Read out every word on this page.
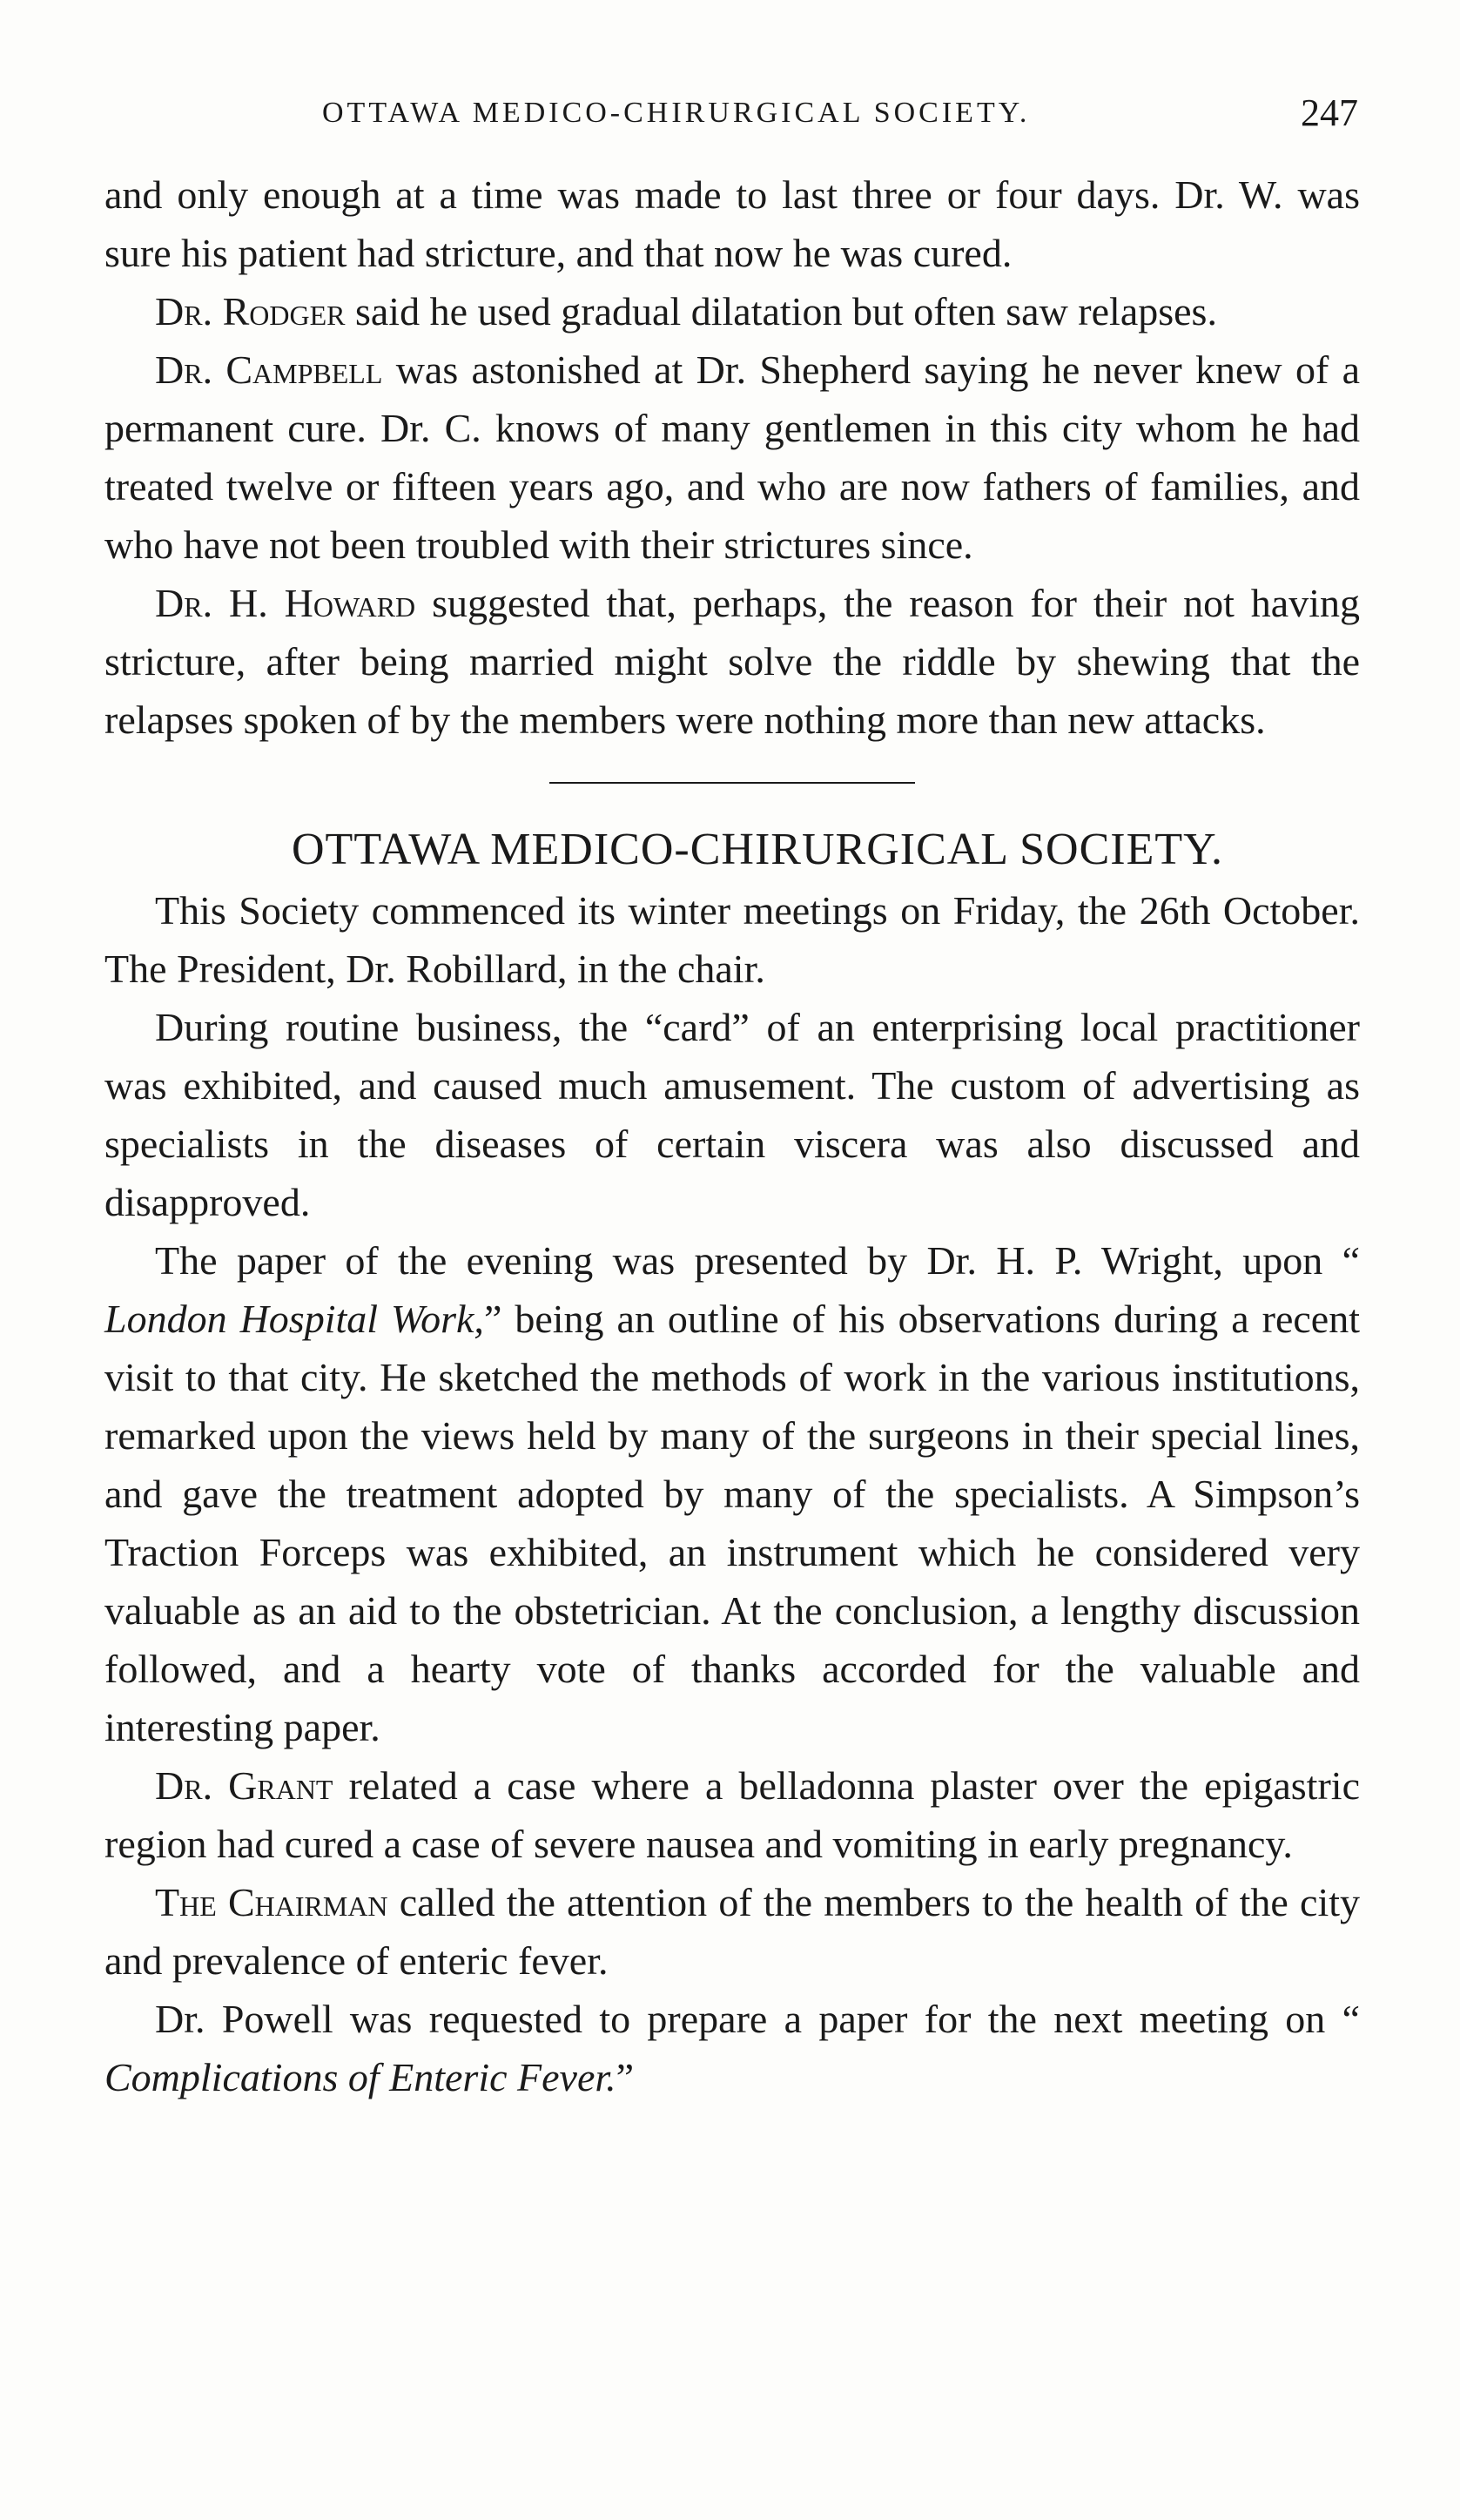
OTTAWA MEDICO-CHIRURGICAL SOCIETY.	247

and only enough at a time was made to last three or four days. Dr. W. was sure his patient had stricture, and that now he was cured.

Dr. Rodger said he used gradual dilatation but often saw relapses.

Dr. Campbell was astonished at Dr. Shepherd saying he never knew of a permanent cure. Dr. C. knows of many gentlemen in this city whom he had treated twelve or fifteen years ago, and who are now fathers of families, and who have not been troubled with their strictures since.

Dr. H. Howard suggested that, perhaps, the reason for their not having stricture, after being married might solve the riddle by shewing that the relapses spoken of by the members were nothing more than new attacks.

OTTAWA MEDICO-CHIRURGICAL SOCIETY.

This Society commenced its winter meetings on Friday, the 26th October. The President, Dr. Robillard, in the chair.

During routine business, the “card” of an enterprising local practitioner was exhibited, and caused much amusement. The custom of advertising as specialists in the diseases of certain viscera was also discussed and disapproved.

The paper of the evening was presented by Dr. H. P. Wright, upon “ London Hospital Work,” being an outline of his observations during a recent visit to that city. He sketched the methods of work in the various institutions, remarked upon the views held by many of the surgeons in their special lines, and gave the treatment adopted by many of the specialists. A Simpson’s Traction Forceps was exhibited, an instrument which he considered very valuable as an aid to the obstetrician. At the conclusion, a lengthy discussion followed, and a hearty vote of thanks accorded for the valuable and interesting paper.

Dr. Grant related a case where a belladonna plaster over the epigastric region had cured a case of severe nausea and vomiting in early pregnancy.

The Chairman called the attention of the members to the health of the city and prevalence of enteric fever.

Dr. Powell was requested to prepare a paper for the next meeting on “ Complications of Enteric Fever.”
